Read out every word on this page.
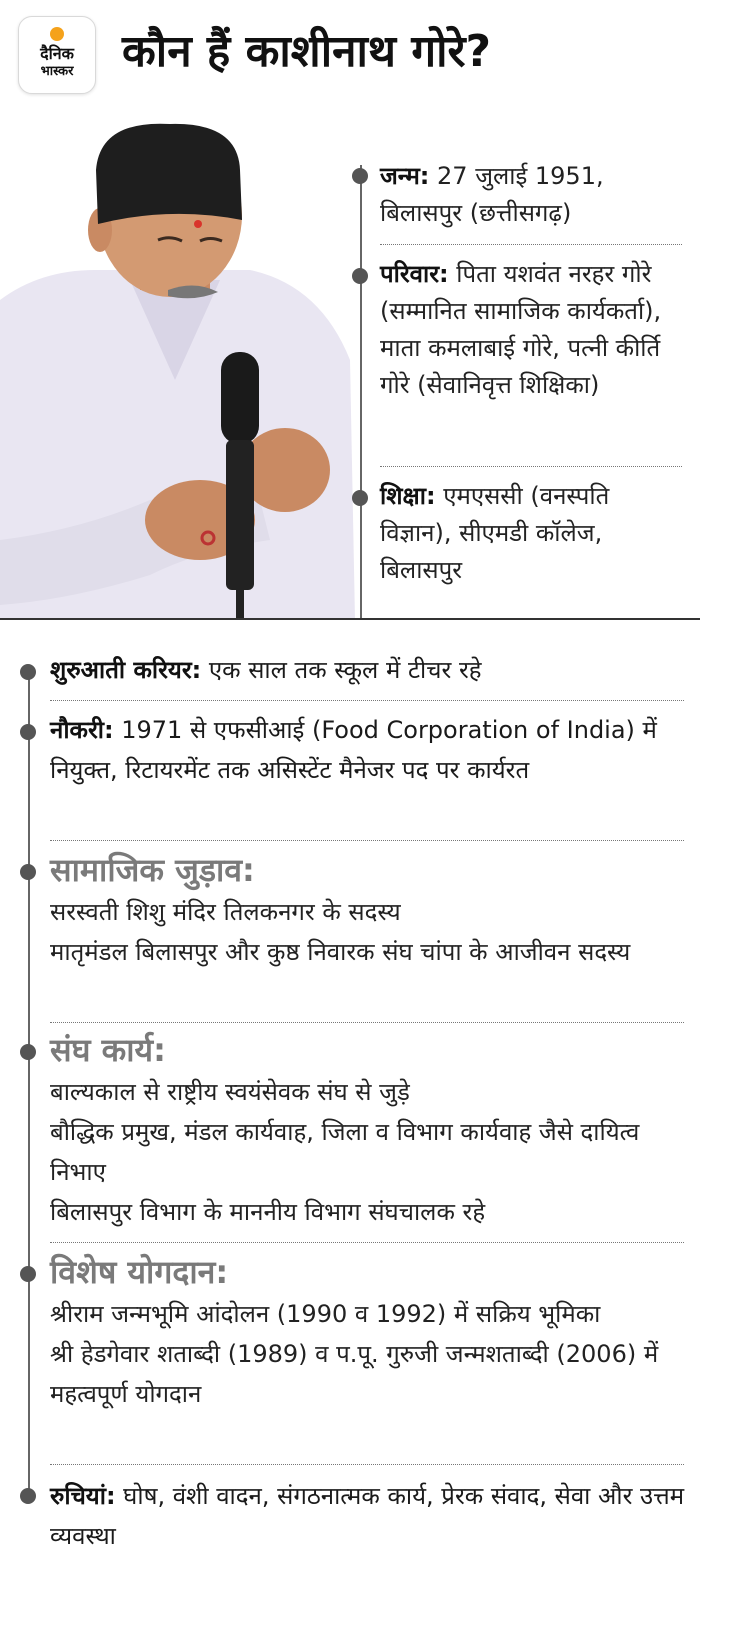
दैनिक
भास्कर	कौन हैं काशीनाथ गोरे?
जन्म: 27 जुलाई 1951, बिलासपुर (छत्तीसगढ़)
परिवार: पिता यशवंत नरहर गोरे (सम्मानित सामाजिक कार्यकर्ता), माता कमलाबाई गोरे, पत्नी कीर्ति गोरे (सेवानिवृत्त शिक्षिका)
शिक्षा: एमएससी (वनस्पति विज्ञान), सीएमडी कॉलेज, बिलासपुर
शुरुआती करियर: एक साल तक स्कूल में टीचर रहे
नौकरी: 1971 से एफसीआई (Food Corporation of India) में नियुक्त, रिटायरमेंट तक असिस्टेंट मैनेजर पद पर कार्यरत
सामाजिक जुड़ाव:
सरस्वती शिशु मंदिर तिलकनगर के सदस्य
मातृमंडल बिलासपुर और कुष्ठ निवारक संघ चांपा के आजीवन सदस्य
संघ कार्य:
बाल्यकाल से राष्ट्रीय स्वयंसेवक संघ से जुड़े
बौद्धिक प्रमुख, मंडल कार्यवाह, जिला व विभाग कार्यवाह जैसे दायित्व निभाए
बिलासपुर विभाग के माननीय विभाग संघचालक रहे
विशेष योगदान:
श्रीराम जन्मभूमि आंदोलन (1990 व 1992) में सक्रिय भूमिका
श्री हेडगेवार शताब्दी (1989) व प.पू. गुरुजी जन्मशताब्दी (2006) में महत्वपूर्ण योगदान
रुचियां: घोष, वंशी वादन, संगठनात्मक कार्य, प्रेरक संवाद, सेवा और उत्तम व्यवस्था
